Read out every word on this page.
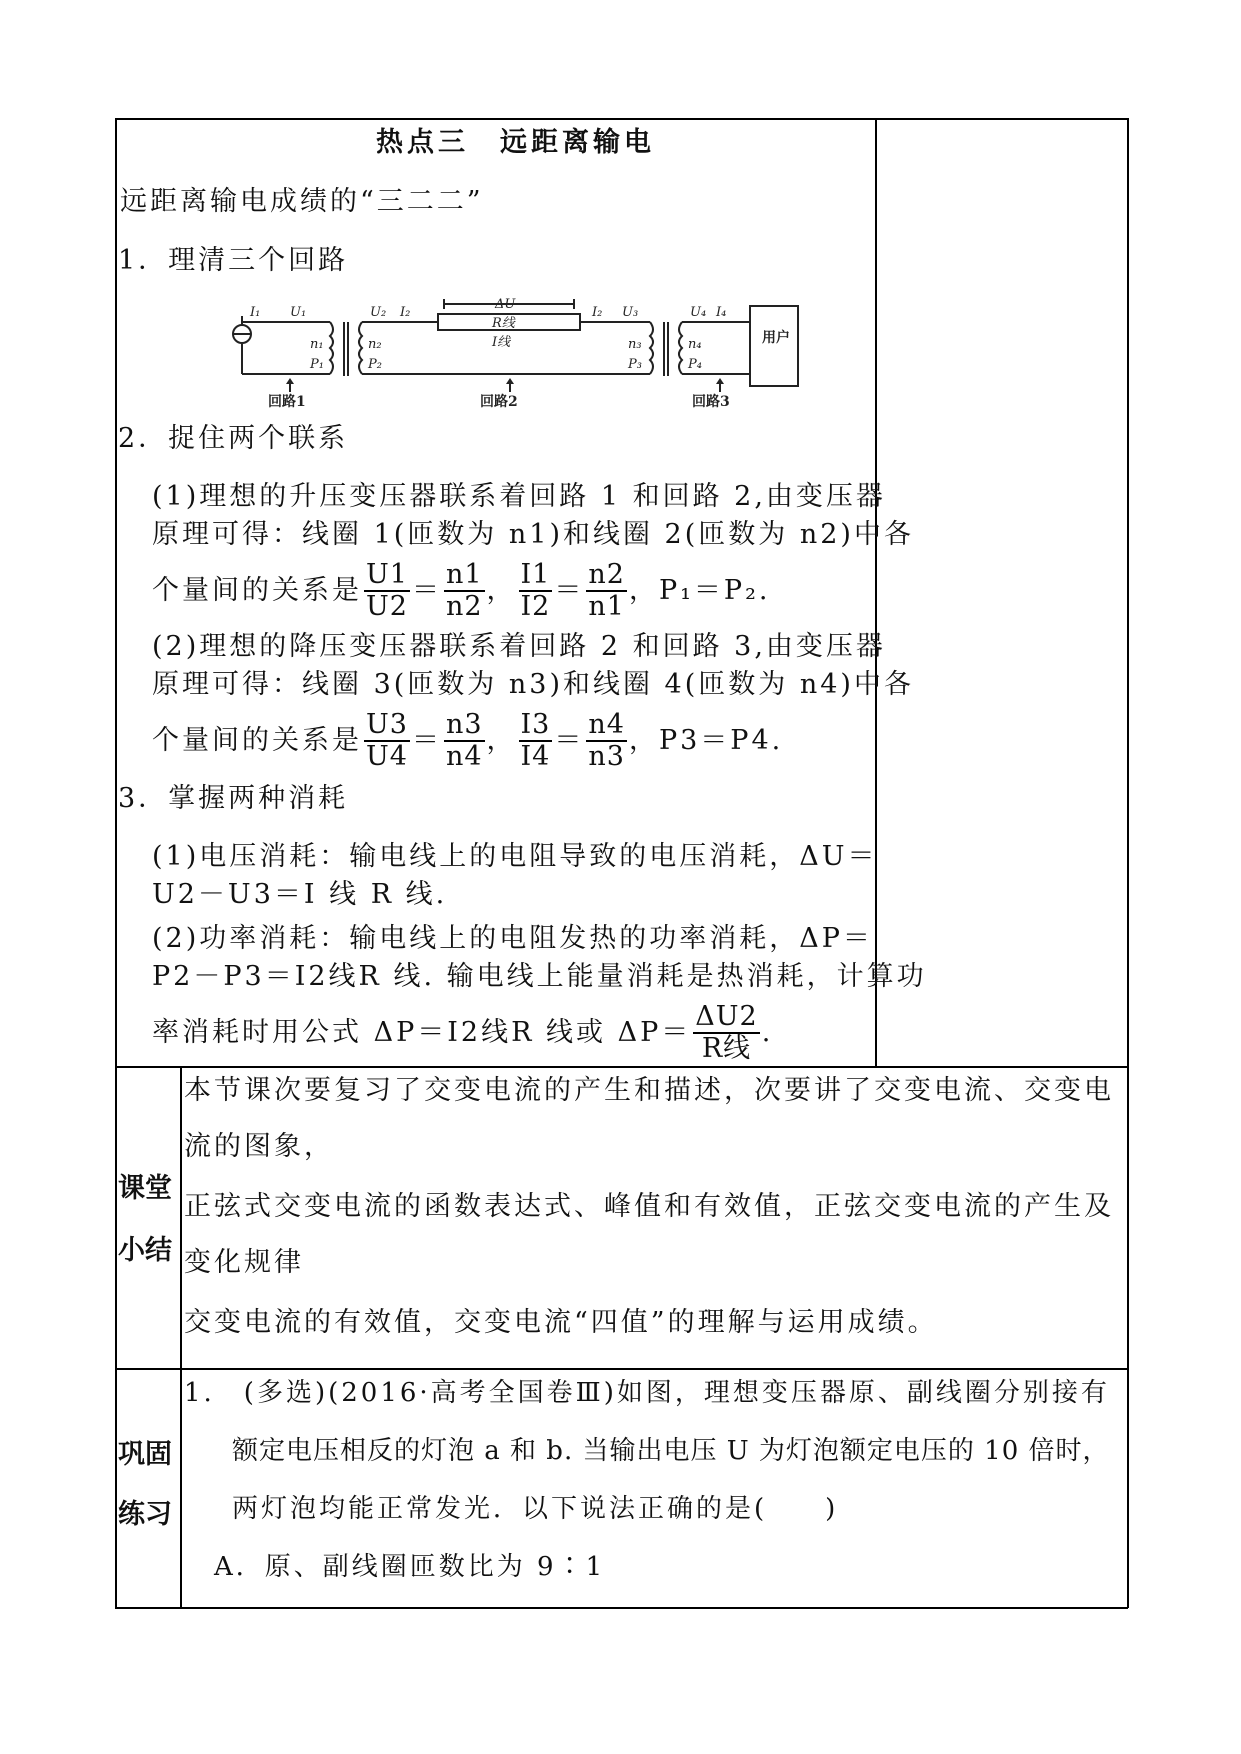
热点三　远距离输电
远距离输电成绩的“三二二”
1．理清三个回路
I₁ U₁	U₂ I₂
ΔU
I₂ U₃	U₄ I₄
R线
I线
n₁
P₁
n₂
P₂
n₃
P₃
n₄
P₄
用户
回路1	回路2	回路3
2．捉住两个联系
(1)理想的升压变压器联系着回路 1 和回路 2,由变压器
原理可得：线圈 1(匝数为 n1)和线圈 2(匝数为 n2)中各
个量间的关系是 $\frac{U1}{U2} = \frac{n1}{n2}$ ， $\frac{I1}{I2} = \frac{n2}{n1}$ ， P₁＝P₂.
(2)理想的降压变压器联系着回路 2 和回路 3,由变压器
原理可得：线圈 3(匝数为 n3)和线圈 4(匝数为 n4)中各
个量间的关系是 $\frac{U3}{U4} = \frac{n3}{n4}$ ， $\frac{I3}{I4} = \frac{n4}{n3}$ ， P3＝P4.
3．掌握两种消耗
(1)电压消耗：输电线上的电阻导致的电压消耗，ΔU＝
U2－U3＝I 线 R 线.
(2)功率消耗：输电线上的电阻发热的功率消耗，ΔP＝
P2－P3＝I2线R 线. 输电线上能量消耗是热消耗，计算功
率消耗时用公式 ΔP＝I2线R 线或 $\Delta P= \frac{\Delta U2}{\text{R线}}$ .
课堂
小结
本节课次要复习了交变电流的产生和描述，次要讲了交变电流、交变电
流的图象，
正弦式交变电流的函数表达式、峰值和有效值，正弦交变电流的产生及
变化规律
交变电流的有效值，交变电流“四值”的理解与运用成绩。
巩固
练习
1.　(多选)(2016·高考全国卷Ⅲ)如图，理想变压器原、副线圈分别接有
额定电压相反的灯泡 a 和 b. 当输出电压 U 为灯泡额定电压的 10 倍时，
两灯泡均能正常发光．以下说法正确的是(　　)
A．原、副线圈匝数比为 9∶1
